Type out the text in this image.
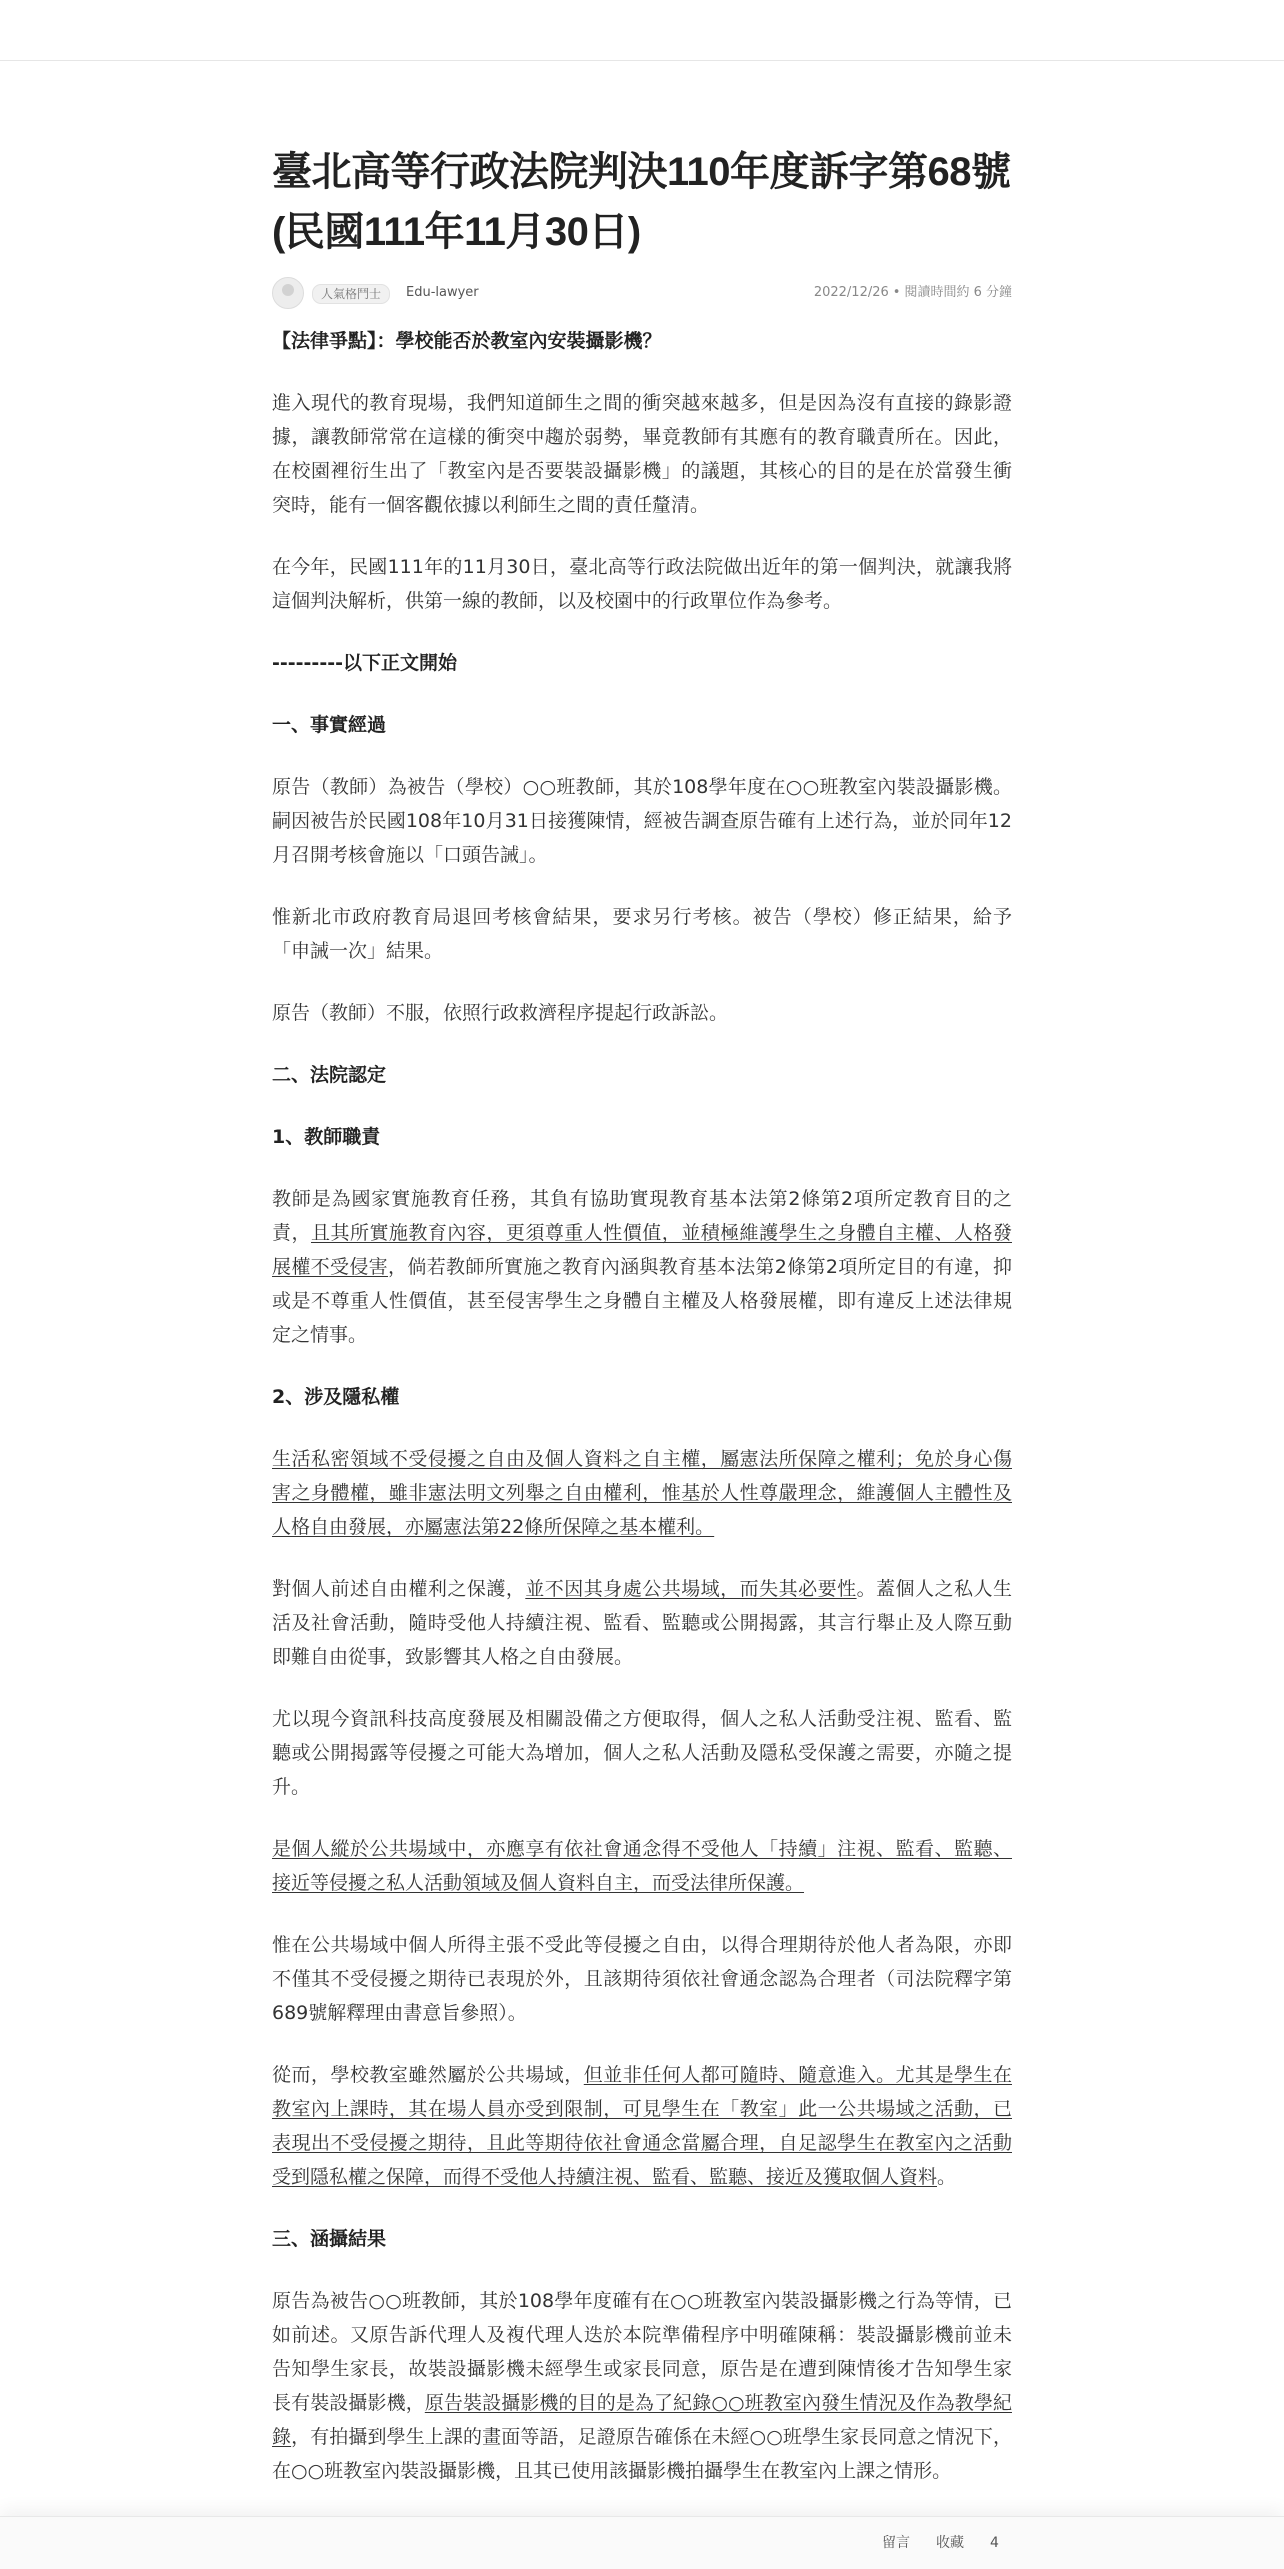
臺北高等行政法院判決110年度訴字第68號(民國111年11月30日)
人氣格鬥士	Edu-lawyer	2022/12/26 • 閱讀時間約 6 分鐘

【法律爭點】：學校能否於教室內安裝攝影機？

進入現代的教育現場，我們知道師生之間的衝突越來越多，但是因為沒有直接的錄影證據，讓教師常常在這樣的衝突中趨於弱勢，畢竟教師有其應有的教育職責所在。因此，在校園裡衍生出了「教室內是否要裝設攝影機」的議題，其核心的目的是在於當發生衝突時，能有一個客觀依據以利師生之間的責任釐清。

在今年，民國111年的11月30日，臺北高等行政法院做出近年的第一個判決，就讓我將這個判決解析，供第一線的教師，以及校園中的行政單位作為參考。

---------以下正文開始

一、事實經過

原告（教師）為被告（學校）○○班教師，其於108學年度在○○班教室內裝設攝影機。嗣因被告於民國108年10月31日接獲陳情，經被告調查原告確有上述行為，並於同年12月召開考核會施以「口頭告誡」。

惟新北市政府教育局退回考核會結果，要求另行考核。被告（學校）修正結果，給予「申誡一次」結果。

原告（教師）不服，依照行政救濟程序提起行政訴訟。

二、法院認定

1、教師職責

教師是為國家實施教育任務，其負有協助實現教育基本法第2條第2項所定教育目的之責，且其所實施教育內容，更須尊重人性價值，並積極維護學生之身體自主權、人格發展權不受侵害，倘若教師所實施之教育內涵與教育基本法第2條第2項所定目的有違，抑或是不尊重人性價值，甚至侵害學生之身體自主權及人格發展權，即有違反上述法律規定之情事。

2、涉及隱私權

生活私密領域不受侵擾之自由及個人資料之自主權，屬憲法所保障之權利；免於身心傷害之身體權，雖非憲法明文列舉之自由權利，惟基於人性尊嚴理念，維護個人主體性及人格自由發展，亦屬憲法第22條所保障之基本權利。

對個人前述自由權利之保護，並不因其身處公共場域，而失其必要性。蓋個人之私人生活及社會活動，隨時受他人持續注視、監看、監聽或公開揭露，其言行舉止及人際互動即難自由從事，致影響其人格之自由發展。

尤以現今資訊科技高度發展及相關設備之方便取得，個人之私人活動受注視、監看、監聽或公開揭露等侵擾之可能大為增加，個人之私人活動及隱私受保護之需要，亦隨之提升。

是個人縱於公共場域中，亦應享有依社會通念得不受他人「持續」注視、監看、監聽、接近等侵擾之私人活動領域及個人資料自主，而受法律所保護。

惟在公共場域中個人所得主張不受此等侵擾之自由，以得合理期待於他人者為限，亦即不僅其不受侵擾之期待已表現於外，且該期待須依社會通念認為合理者（司法院釋字第689號解釋理由書意旨參照）。

從而，學校教室雖然屬於公共場域，但並非任何人都可隨時、隨意進入。尤其是學生在教室內上課時，其在場人員亦受到限制，可見學生在「教室」此一公共場域之活動，已表現出不受侵擾之期待，且此等期待依社會通念當屬合理，自足認學生在教室內之活動受到隱私權之保障，而得不受他人持續注視、監看、監聽、接近及獲取個人資料。

三、涵攝結果

原告為被告○○班教師，其於108學年度確有在○○班教室內裝設攝影機之行為等情，已如前述。又原告訴代理人及複代理人迭於本院準備程序中明確陳稱：裝設攝影機前並未告知學生家長，故裝設攝影機未經學生或家長同意，原告是在遭到陳情後才告知學生家長有裝設攝影機，原告裝設攝影機的目的是為了紀錄○○班教室內發生情況及作為教學紀錄，有拍攝到學生上課的畫面等語，足證原告確係在未經○○班學生家長同意之情況下，在○○班教室內裝設攝影機，且其已使用該攝影機拍攝學生在教室內上課之情形。

留言 收藏 4
